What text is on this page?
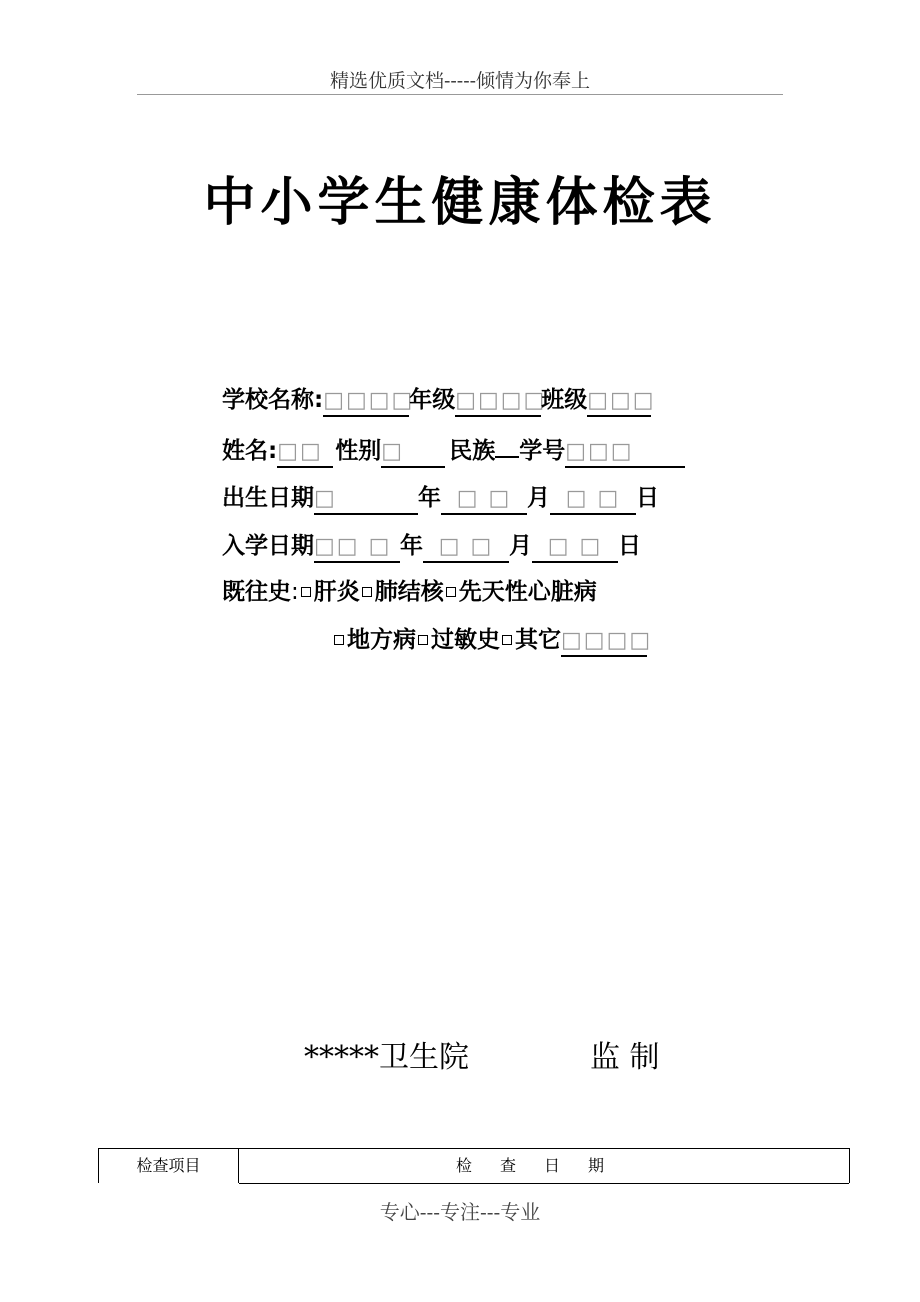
精选优质文档-----倾情为你奉上
中小学生健康体检表
学校名称:□□□□年级□□□□班级□□□
姓名:□□ 性别□ 民族 学号□□□
出生日期□	年 □ □ 月 □ □ 日
入学日期□□ □ 年 □ □ 月 □ □ 日
既往史: 肝炎 肺结核 先天性心脏病
地方病 过敏史 其它□□□□
*****卫生院	监 制
检查项目	检查日期
专心---专注---专业
